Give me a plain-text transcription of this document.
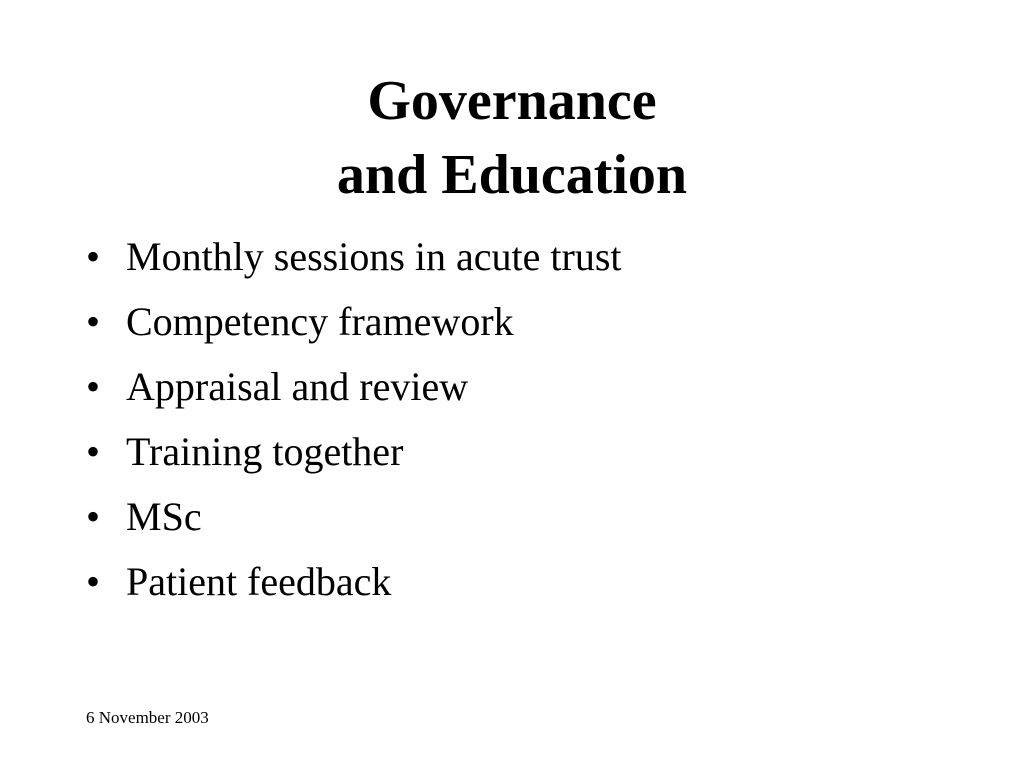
Governance
and Education
• Monthly sessions in acute trust
• Competency framework
• Appraisal and review
• Training together
• MSc
• Patient feedback
6 November 2003
